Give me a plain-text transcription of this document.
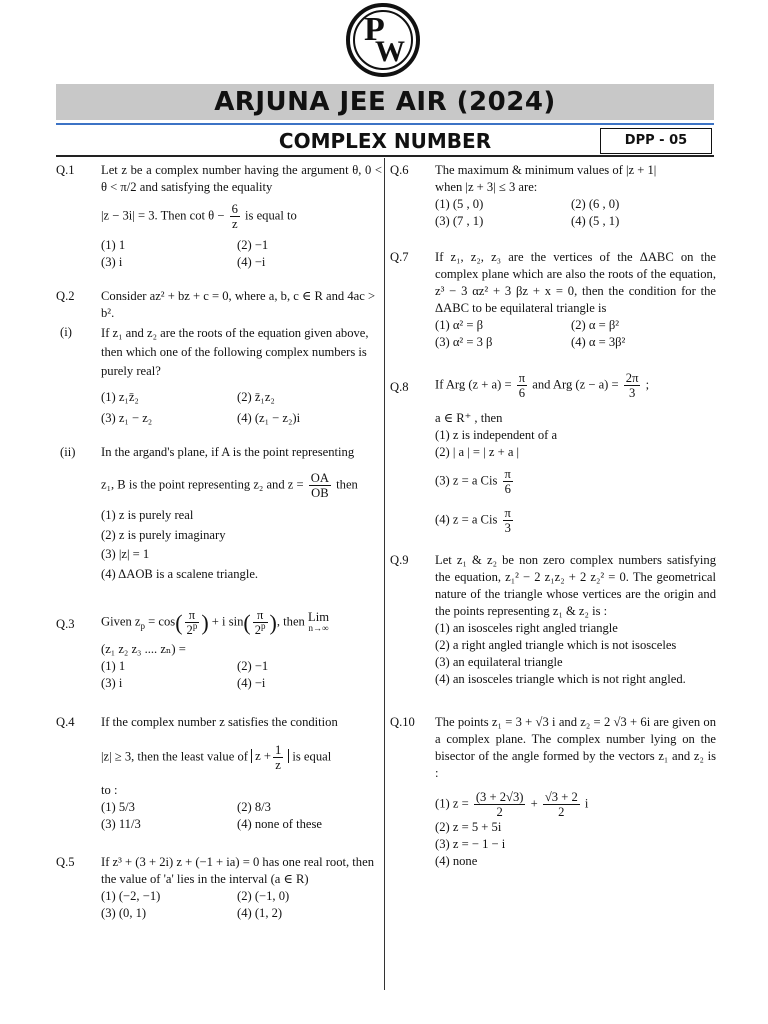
P
W
ARJUNA JEE AIR (2024)
COMPLEX NUMBER	DPP - 05
Q.1 Let z be a complex number having the argument θ, 0 < θ < π/2 and satisfying the equality
|z − 3i| = 3. Then $\cot \theta - \frac{6}{z}$ is equal to
(1) 1	(2) −1
(3) i	(4) −i
Q.2 Consider az² + bz + c = 0, where a, b, c ∈ R and 4ac > b².
(i) If z₁ and z₂ are the roots of the equation given above, then which one of the following complex numbers is purely real?
(1) z₁z̄₂	(2) z̄₁z₂
(3) z₁ − z₂	(4) (z₁ − z₂)i
(ii) In the argand's plane, if A is the point representing
z₁, B is the point representing z₂ and $z = \frac{OA}{OB}$ then
(1) z is purely real
(2) z is purely imaginary
(3) |z| = 1
(4) ΔAOB is a scalene triangle.
Q.3 Given $z_p = \cos( \frac{\pi}{2^p}$ ) + i $\sin( \frac{\pi}{2^p}$ ), then Lim
n→∞
(z₁ z₂ z₃ .... zₙ) =
(1) 1	(2) −1
(3) i	(4) −i
Q.4 If the complex number z satisfies the condition
|z| ≥ 3, then the least value of $z + \frac{1}{z}$ is equal
to :
(1) 5/3	(2) 8/3
(3) 11/3	(4) none of these
Q.5 If z³ + (3 + 2i) z + (−1 + ia) = 0 has one real root, then the value of 'a' lies in the interval (a ∈ R)
(1) (−2, −1)	(2) (−1, 0)
(3) (0, 1)	(4) (1, 2)
Q.6 The maximum & minimum values of |z + 1|
when |z + 3| ≤ 3 are:
(1) (5 , 0)	(2) (6 , 0)
(3) (7 , 1)	(4) (5 , 1)
Q.7 If z₁, z₂, z₃ are the vertices of the ΔABC on the complex plane which are also the roots of the equation, z³ − 3 αz² + 3 βz + x = 0, then the condition for the ΔABC to be equilateral triangle is
(1) α² = β	(2) α = β²
(3) α² = 3 β	(4) α = 3β²
Q.8 If Arg $(z + a) = \frac{\pi}{6}$ and Arg $(z - a) = \frac{2\pi}{3}$ ;
a ∈ R⁺ , then
(1) z is independent of a
(2) | a | = | z + a |
(3) z = a Cis $\frac{\pi}{6}$
(4) z = a Cis $\frac{\pi}{3}$
Q.9 Let z₁ & z₂ be non zero complex numbers satisfying the equation, z₁² − 2 z₁z₂ + 2 z₂² = 0. The geometrical nature of the triangle whose vertices are the origin and the points representing z₁ & z₂ is :
(1) an isosceles right angled triangle
(2) a right angled triangle which is not isosceles
(3) an equilateral triangle
(4) an isosceles triangle which is not right angled.
Q.10 The points z₁ = 3 + √3 i and z₂ = 2 √3 + 6i are given on a complex plane. The complex number lying on the bisector of the angle formed by the vectors z₁ and z₂ is :
(1) $z = \frac{(3 + 2√3)}{2} + \frac{√3 + 2}{2}$ i
(2) z = 5 + 5i
(3) z = − 1 − i
(4) none
